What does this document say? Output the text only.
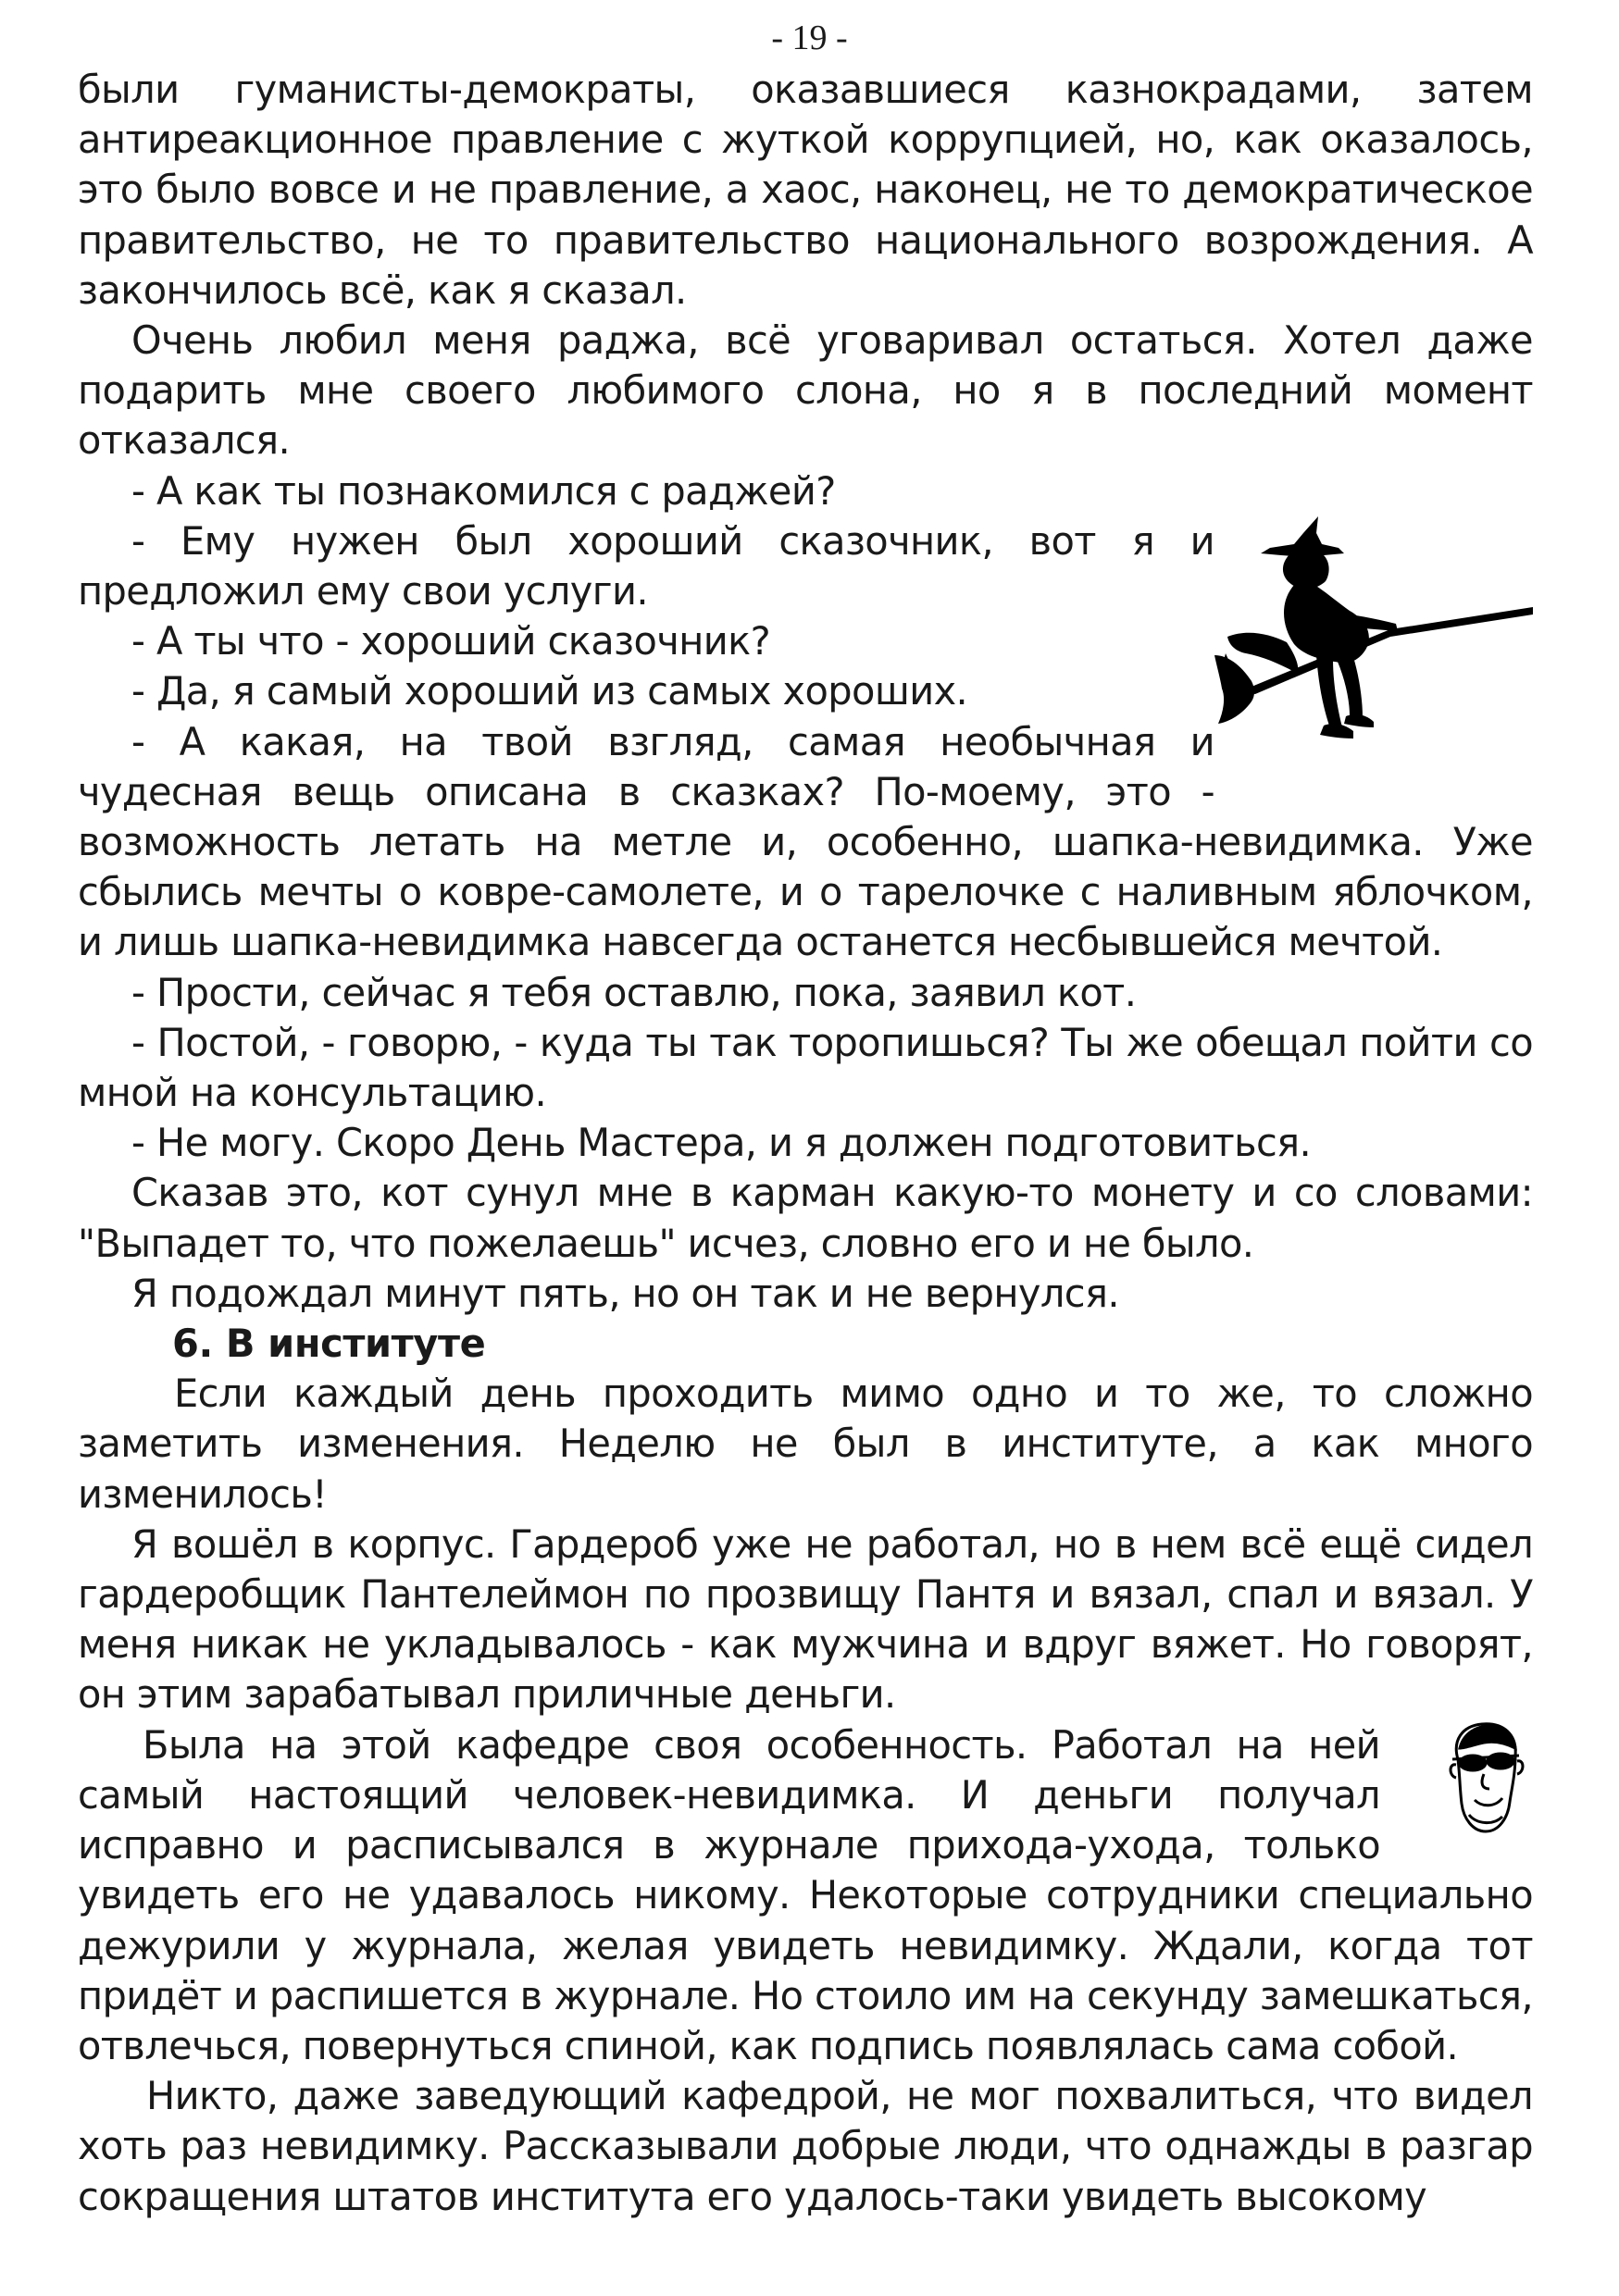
- 19 -

были гуманисты-демократы, оказавшиеся казнокрадами, затем антиреакционное правление с жуткой коррупцией, но, как оказалось, это было вовсе и не правление, а хаос, наконец, не то демократическое правительство, не то правительство национального возрождения. А закончилось всё, как я сказал.

Очень любил меня раджа, всё уговаривал остаться. Хотел даже подарить мне своего любимого слона, но я в последний момент отказался.

- А как ты познакомился с раджей?

- Ему нужен был хороший сказочник, вот я и предложил ему свои услуги.

- А ты что - хороший сказочник?

- Да, я самый хороший из самых хороших.

- А какая, на твой взгляд, самая необычная и чудесная вещь описана в сказках? По-моему, это - возможность летать на метле и, особенно, шапка-невидимка. Уже сбылись мечты о коврe-самолете, и о тарелочке с наливным яблочком, и лишь шапка-невидимка навсегда останется несбывшейся мечтой.

- Прости, сейчас я тебя оставлю, пока, заявил кот.

- Постой, - говорю, - куда ты так торопишься? Ты же обещал пойти со мной на консультацию.

- Не могу. Скоро День Мастера, и я должен подготовиться.

Сказав это, кот сунул мне в карман какую-то монету и со словами: "Выпадет то, что пожелаешь" исчез, словно его и не было.

Я подождал минут пять, но он так и не вернулся.

6. В институте

Если каждый день проходить мимо одно и то же, то сложно заметить изменения. Неделю не был в институте, а как много изменилось!

Я вошёл в корпус. Гардероб уже не работал, но в нем всё ещё сидел гардеробщик Пантелеймон по прозвищу Пантя и вязал, спал и вязал. У меня никак не укладывалось - как мужчина и вдруг вяжет. Но говорят, он этим зарабатывал приличные деньги.

Была на этой кафедре своя особенность. Работал на ней самый настоящий человек-невидимка. И деньги получал исправно и расписывался в журнале прихода-ухода, только увидеть его не удавалось никому. Некоторые сотрудники специально дежурили у журнала, желая увидеть невидимку. Ждали, когда тот придёт и распишется в журнале. Но стоило им на секунду замешкаться, отвлечься, повернуться спиной, как подпись появлялась сама собой.

Никто, даже заведующий кафедрой, не мог похвалиться, что видел хоть раз невидимку. Рассказывали добрые люди, что однажды в разгар сокращения штатов института его удалось-таки увидеть высокому
